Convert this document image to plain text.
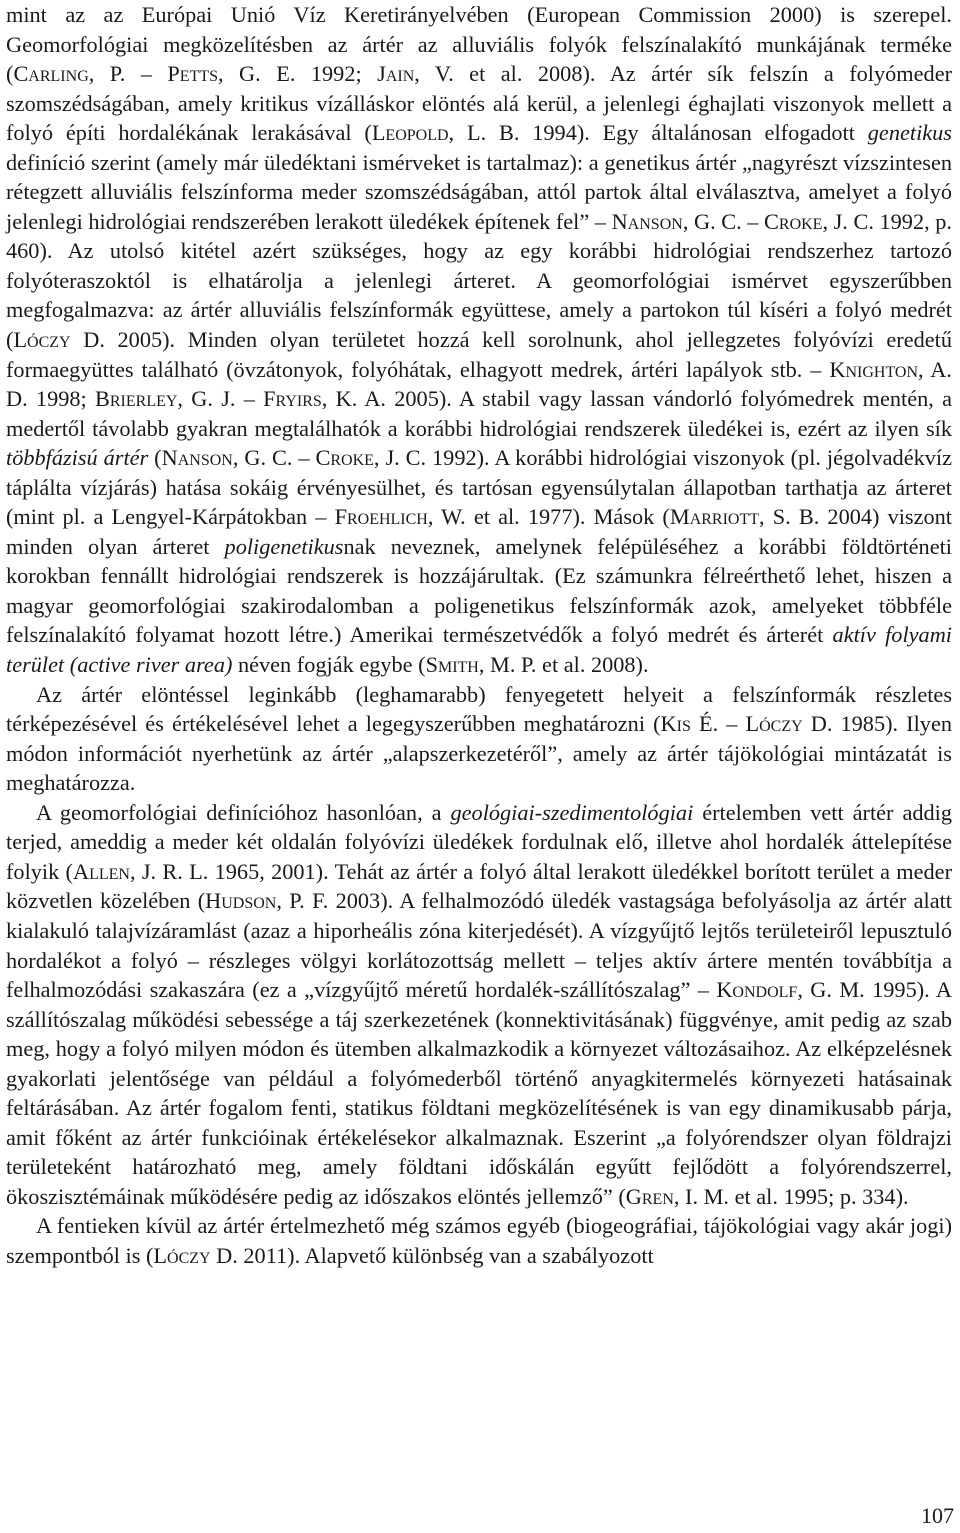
mint az az Európai Unió Víz Keretirányelvében (European Commission 2000) is szerepel. Geomorfológiai megközelítésben az ártér az alluviális folyók felszínalakító munkájának terméke (Carling, P. – Petts, G. E. 1992; Jain, V. et al. 2008). Az ártér sík felszín a folyómeder szomszédságában, amely kritikus vízálláskor elöntés alá kerül, a jelenlegi éghajlati viszonyok mellett a folyó építi hordalékának lerakásával (Leopold, L. B. 1994). Egy általánosan elfogadott genetikus definíció szerint (amely már üledéktani ismérveket is tartalmaz): a genetikus ártér „nagyrészt vízszintesen rétegzett alluviális felszínforma meder szomszédságában, attól partok által elválasztva, amelyet a folyó jelenlegi hidrológiai rendszerében lerakott üledékek építenek fel” – Nanson, G. C. – Croke, J. C. 1992, p. 460). Az utolsó kitétel azért szükséges, hogy az egy korábbi hidrológiai rendszerhez tartozó folyóteraszoktól is elhatárolja a jelenlegi árteret. A geomorfológiai ismérvet egyszerűbben megfogalmazva: az ártér alluviális felszínformák együttese, amely a partokon túl kíséri a folyó medrét (Lóczy D. 2005). Minden olyan területet hozzá kell sorolnunk, ahol jellegzetes folyóvízi eredetű formaegyüttes található (övzátonyok, folyóhátak, elhagyott medrek, ártéri lapályok stb. – Knighton, A. D. 1998; Brierley, G. J. – Fryirs, K. A. 2005). A stabil vagy lassan vándorló folyómedrek mentén, a medertől távolabb gyakran megtalálhatók a korábbi hidrológiai rendszerek üledékei is, ezért az ilyen sík többfázisú ártér (Nanson, G. C. – Croke, J. C. 1992). A korábbi hidrológiai viszonyok (pl. jégolvadékvíz táplálta vízjárás) hatása sokáig érvényesülhet, és tartósan egyensúlytalan állapotban tarthatja az árteret (mint pl. a Lengyel-Kárpátokban – Froehlich, W. et al. 1977). Mások (Marriott, S. B. 2004) viszont minden olyan árteret poligenetikusnak neveznek, amelynek felépüléséhez a korábbi földtörténeti korokban fennállt hidrológiai rendszerek is hozzájárultak. (Ez számunkra félreérthető lehet, hiszen a magyar geomorfológiai szakirodalomban a poligenetikus felszínformák azok, amelyeket többféle felszínalakító folyamat hozott létre.) Amerikai természetvédők a folyó medrét és árterét aktív folyami terület (active river area) néven fogják egybe (Smith, M. P. et al. 2008).

Az ártér elöntéssel leginkább (leghamarabb) fenyegetett helyeit a felszínformák részletes térképezésével és értékelésével lehet a legegyszerűbben meghatározni (Kis É. – Lóczy D. 1985). Ilyen módon információt nyerhetünk az ártér „alapszerkezetéről”, amely az ártér tájökológiai mintázatát is meghatározza.

A geomorfológiai definícióhoz hasonlóan, a geológiai-szedimentológiai értelemben vett ártér addig terjed, ameddig a meder két oldalán folyóvízi üledékek fordulnak elő, illetve ahol hordalék áttelepítése folyik (Allen, J. R. L. 1965, 2001). Tehát az ártér a folyó által lerakott üledékkel borított terület a meder közvetlen közelében (Hudson, P. F. 2003). A felhalmozódó üledék vastagsága befolyásolja az ártér alatt kialakuló talajvízáramlást (azaz a hiporheális zóna kiterjedését). A vízgyűjtő lejtős területeiről lepusztuló hordalékot a folyó – részleges völgyi korlátozottság mellett – teljes aktív ártere mentén továbbítja a felhalmozódási szakaszára (ez a „vízgyűjtő méretű hordalék-szállítószalag” – Kondolf, G. M. 1995). A szállítószalag működési sebessége a táj szerkezetének (konnektivitásának) függvénye, amit pedig az szab meg, hogy a folyó milyen módon és ütemben alkalmazkodik a környezet változásaihoz. Az elképzelésnek gyakorlati jelentősége van például a folyómederből történő anyagkitermelés környezeti hatásainak feltárásában. Az ártér fogalom fenti, statikus földtani megközelítésének is van egy dinamikusabb párja, amit főként az ártér funkcióinak értékelésekor alkalmaznak. Eszerint „a folyórendszer olyan földrajzi területeként határozható meg, amely földtani időskálán egyűtt fejlődött a folyórendszerrel, ökoszisztémáinak működésére pedig az időszakos elöntés jellemző” (Gren, I. M. et al. 1995; p. 334).

A fentieken kívül az ártér értelmezhető még számos egyéb (biogeográfiai, tájökológiai vagy akár jogi) szempontból is (Lóczy D. 2011). Alapvető különbség van a szabályozott

107
